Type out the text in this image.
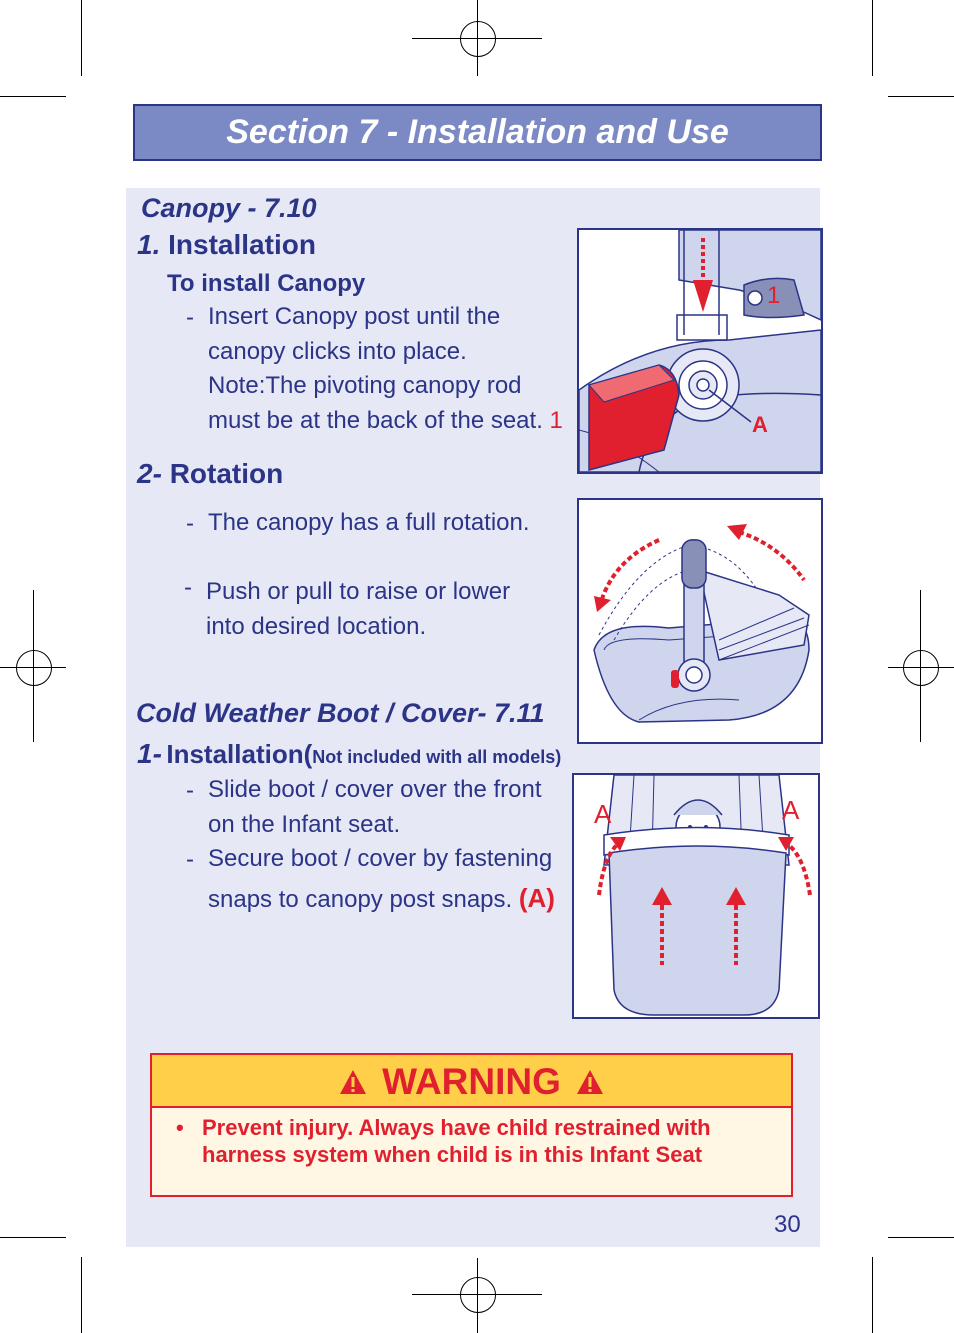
Section 7 - Installation and Use
Canopy - 7.10
1. Installation
To install Canopy
- Insert Canopy post until the
canopy clicks into place.
Note:The pivoting canopy rod
must be at the back of the seat. 1
2- Rotation
- The canopy has a full rotation.
- Push or pull to raise or lower
into desired location.
Cold Weather Boot / Cover- 7.11
1- Installation(Not included with all models)
- Slide boot / cover over the front
on the Infant seat.
- Secure boot / cover by fastening
snaps to canopy post snaps. (A)
1
A
A	A
WARNING
• Prevent injury. Always have child restrained with harness system when child is in this Infant Seat
30
